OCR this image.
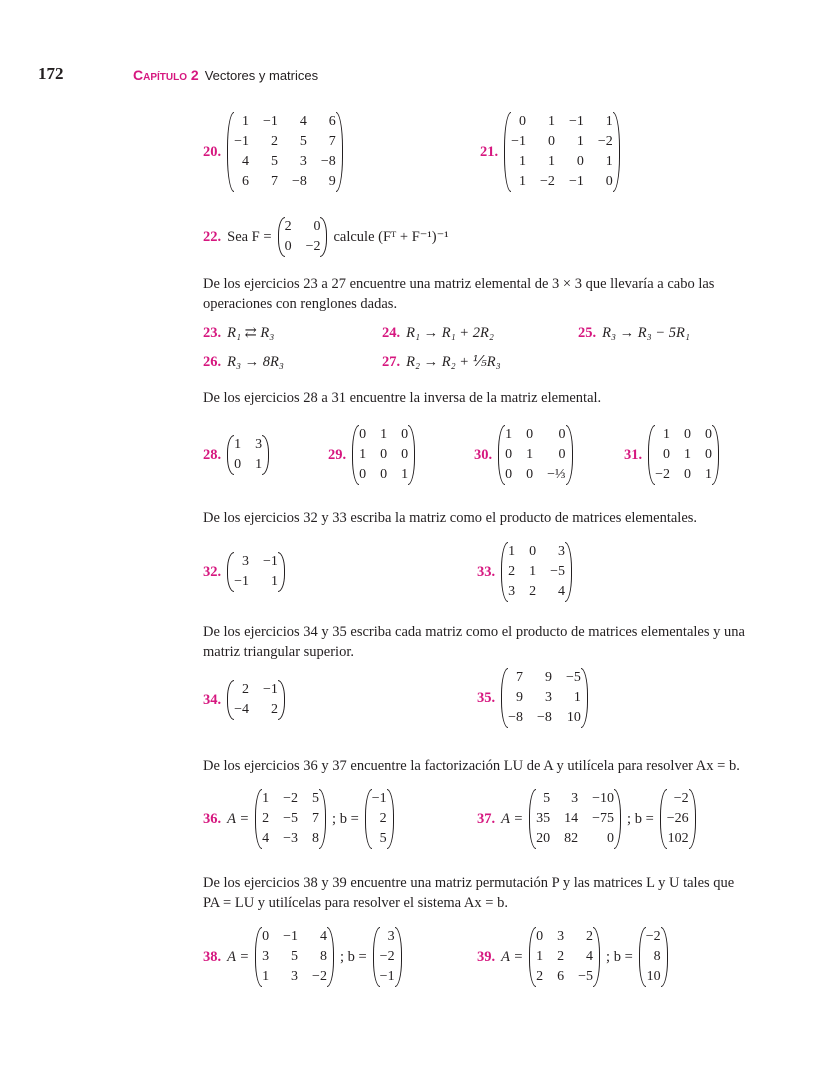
172	Capítulo 2 Vectores y matrices
20.
1 −1	4	6
−1	2	5	7
4	5	3 −8
6	7 −8	9
21.
0	1 −1	1
−1	0	1 −2
1	1	0	1
1 −2 −1	0
22. Sea F =
2	0
0 −2
calcule (Fᵀ + F⁻¹)⁻¹
De los ejercicios 23 a 27 encuentre una matriz elemental de 3 × 3 que llevaría a cabo las operaciones con renglones dadas.
23. R₁ ⇄ R₃	24. R₁ → R₁ + 2R₂	25. R₃ → R₃ − 5R₁
26. R₃ → 8R₃	27. R₂ → R₂ + ⅕R₃
De los ejercicios 28 a 31 encuentre la inversa de la matriz elemental.
28.
1 3
0 1
29.
0 1 0
1 0 0
0 0 1
30.
1 0	0
0 1	0
0 0 −⅓
31.
1 0 0
0 1 0
−2 0 1
De los ejercicios 32 y 33 escriba la matriz como el producto de matrices elementales.
32.
3 −1
−1	1
33.
1 0	3
2 1 −5
3 2	4
De los ejercicios 34 y 35 escriba cada matriz como el producto de matrices elementales y una matriz triangular superior.
34.
2 −1
−4	2
35.
7	9 −5
9	3	1
−8 −8 10
De los ejercicios 36 y 37 encuentre la factorización LU de A y utilícela para resolver Ax = b.
36. A =
1 −2 5
2 −5 7
4 −3 8
; b =
−1
2
5
37. A =
5	3 −10
35 14 −75
20 82	0
; b =
−2
−26
102
De los ejercicios 38 y 39 encuentre una matriz permutación P y las matrices L y U tales que PA = LU y utilícelas para resolver el sistema Ax = b.
38. A =
0 −1	4
3	5	8
1	3 −2
; b =
3
−2
−1
39. A =
0 3	2
1 2	4
2 6 −5
; b =
−2
8
10
